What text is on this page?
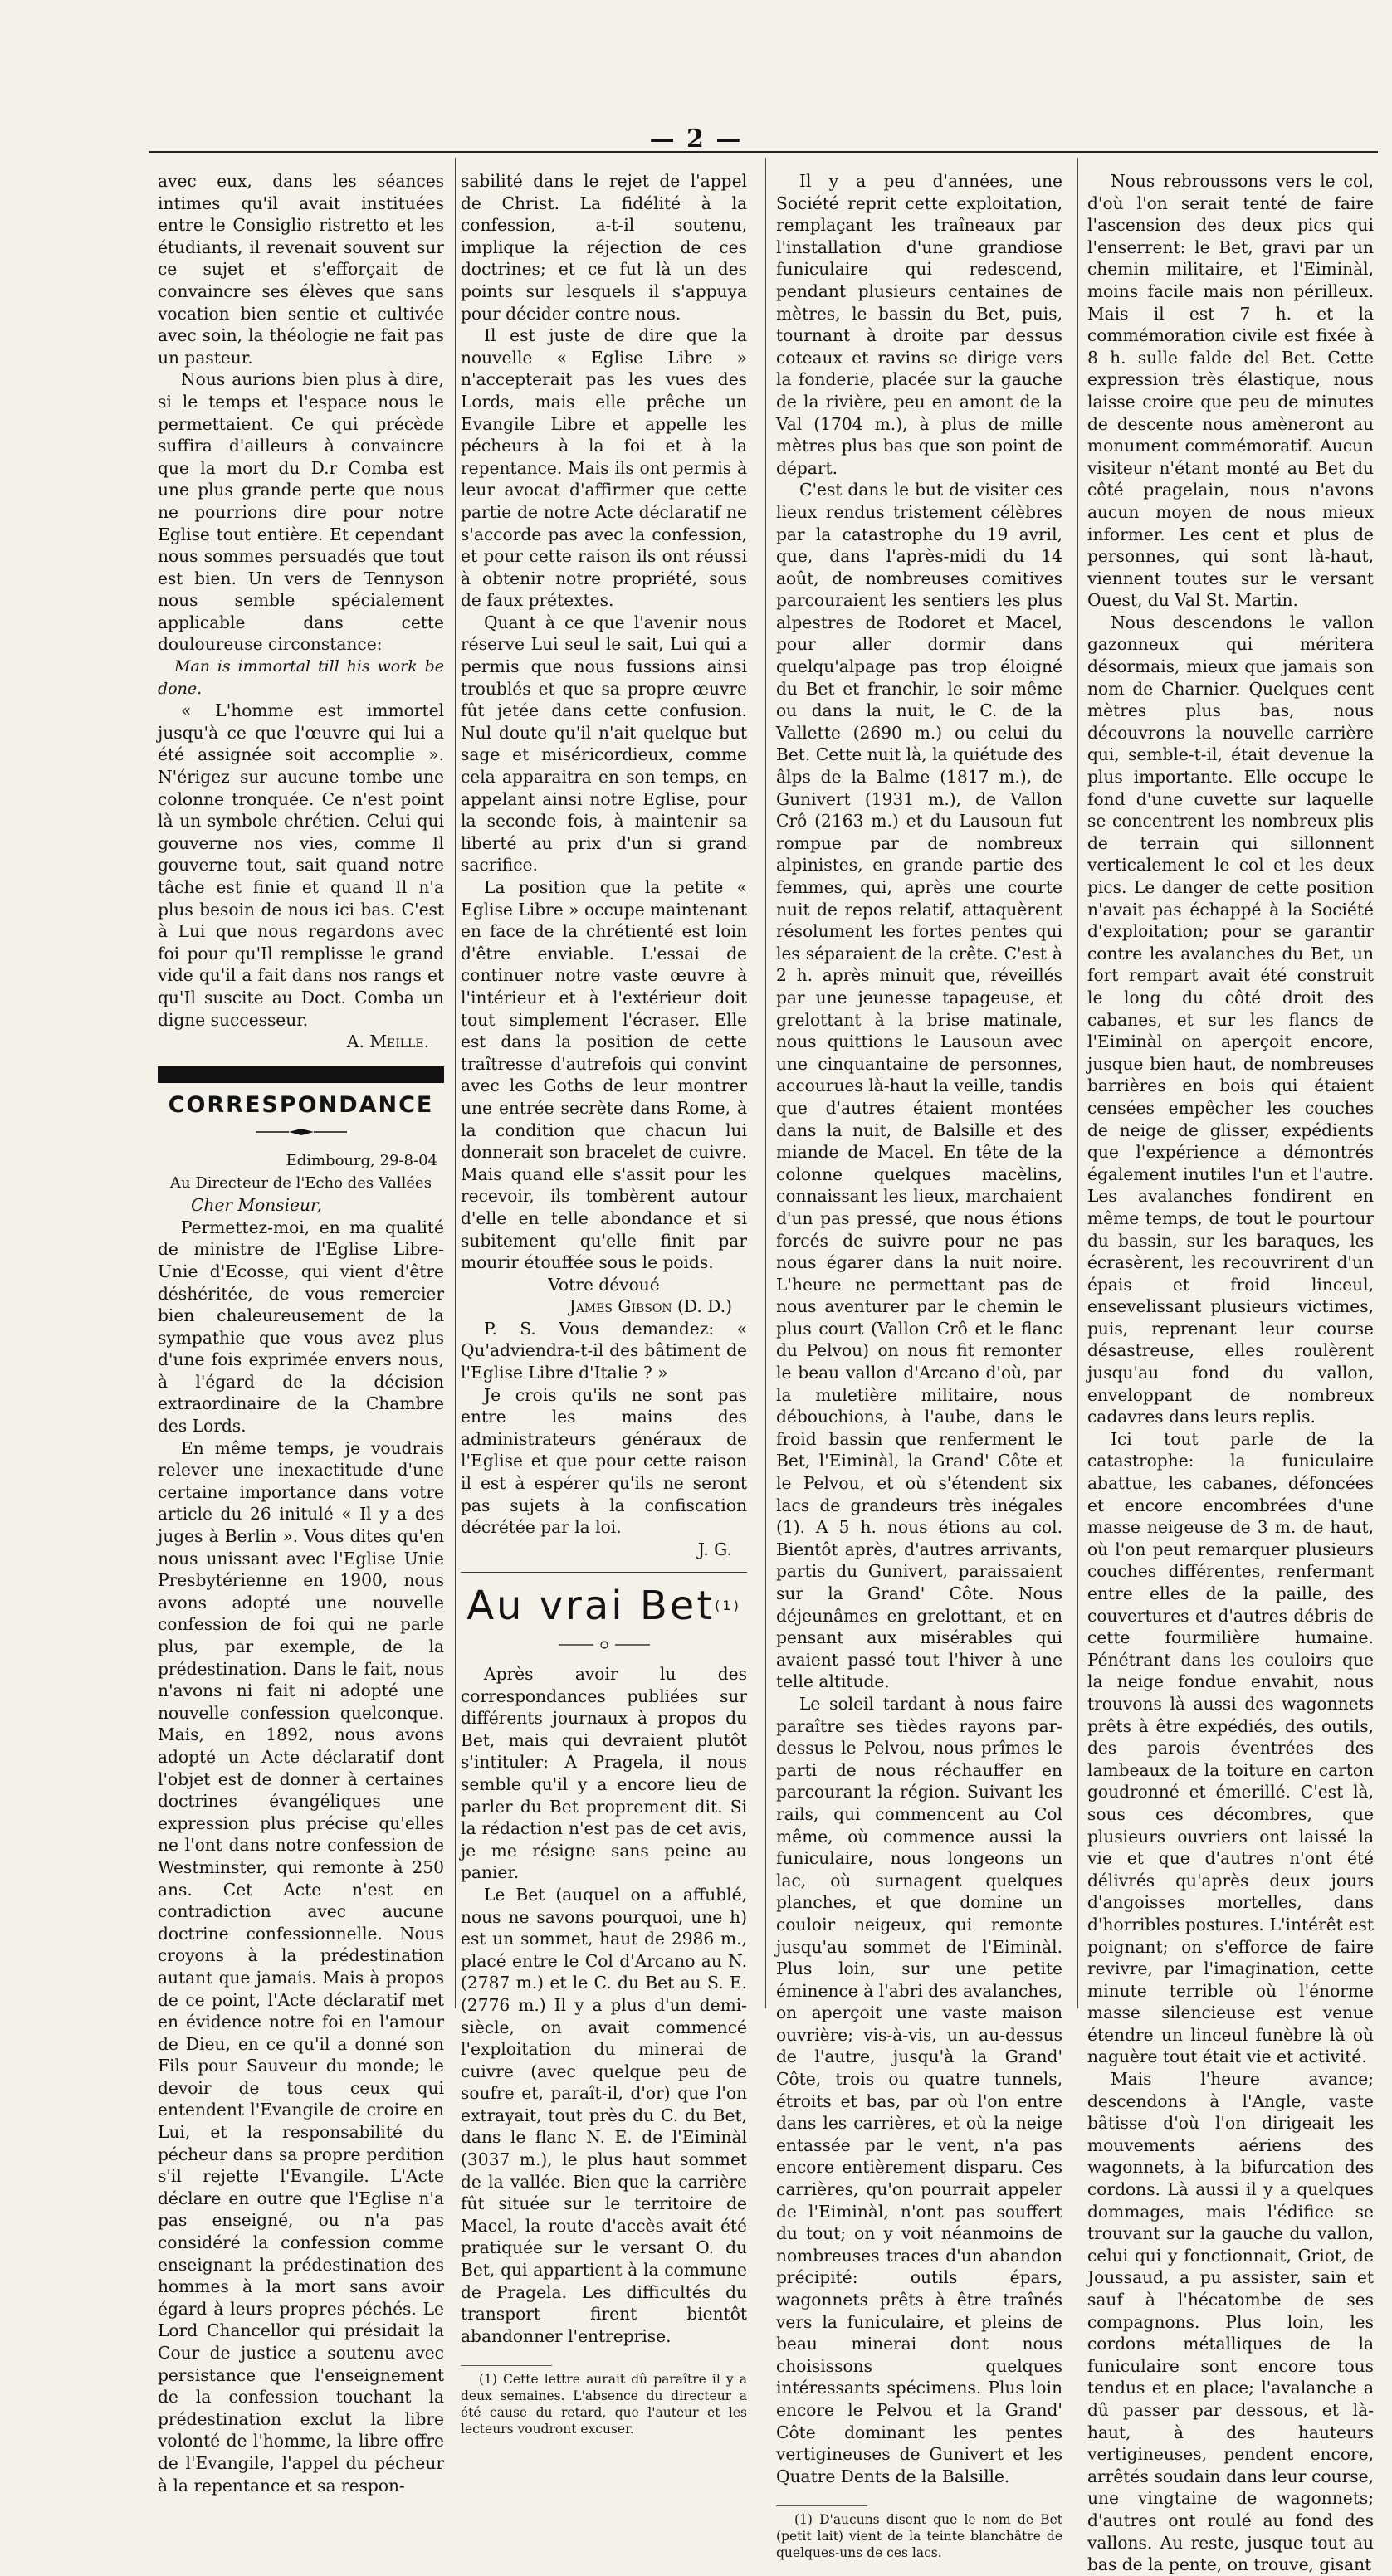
— 2 —

avec eux, dans les séances intimes qu'il avait instituées entre le Consiglio ristretto et les étudiants, il revenait souvent sur ce sujet et s'efforçait de convaincre ses élèves que sans vocation bien sentie et cultivée avec soin, la théologie ne fait pas un pasteur.

Nous aurions bien plus à dire, si le temps et l'espace nous le permettaient. Ce qui précède suffira d'ailleurs à convaincre que la mort du D.r Comba est une plus grande perte que nous ne pourrions dire pour notre Eglise tout entière. Et cependant nous sommes persuadés que tout est bien. Un vers de Tennyson nous semble spécialement applicable dans cette douloureuse circonstance:

Man is immortal till his work be done.

« L'homme est immortel jusqu'à ce que l'œuvre qui lui a été assignée soit accomplie ». N'érigez sur aucune tombe une colonne tronquée. Ce n'est point là un symbole chrétien. Celui qui gouverne nos vies, comme Il gouverne tout, sait quand notre tâche est finie et quand Il n'a plus besoin de nous ici bas. C'est à Lui que nous regardons avec foi pour qu'Il remplisse le grand vide qu'il a fait dans nos rangs et qu'Il suscite au Doct. Comba un digne successeur.

A. Meille.

CORRESPONDANCE
Edimbourg, 29-8-04
Au Directeur de l'Echo des Vallées

Cher Monsieur,

Permettez-moi, en ma qualité de ministre de l'Eglise Libre-Unie d'Ecosse, qui vient d'être déshéritée, de vous remercier bien chaleureusement de la sympathie que vous avez plus d'une fois exprimée envers nous, à l'égard de la décision extraordinaire de la Chambre des Lords.

En même temps, je voudrais relever une inexactitude d'une certaine importance dans votre article du 26 initulé « Il y a des juges à Berlin ». Vous dites qu'en nous unissant avec l'Eglise Unie Presbytérienne en 1900, nous avons adopté une nouvelle confession de foi qui ne parle plus, par exemple, de la prédestination. Dans le fait, nous n'avons ni fait ni adopté une nouvelle confession quelconque. Mais, en 1892, nous avons adopté un Acte déclaratif dont l'objet est de donner à certaines doctrines évangéliques une expression plus précise qu'elles ne l'ont dans notre confession de Westminster, qui remonte à 250 ans. Cet Acte n'est en contradiction avec aucune doctrine confessionnelle. Nous croyons à la prédestination autant que jamais. Mais à propos de ce point, l'Acte déclaratif met en évidence notre foi en l'amour de Dieu, en ce qu'il a donné son Fils pour Sauveur du monde; le devoir de tous ceux qui entendent l'Evangile de croire en Lui, et la responsabilité du pécheur dans sa propre perdition s'il rejette l'Evangile. L'Acte déclare en outre que l'Eglise n'a pas enseigné, ou n'a pas considéré la confession comme enseignant la prédestination des hommes à la mort sans avoir égard à leurs propres péchés. Le Lord Chancellor qui présidait la Cour de justice a soutenu avec persistance que l'enseignement de la confession touchant la prédestination exclut la libre volonté de l'homme, la libre offre de l'Evangile, l'appel du pécheur à la repentance et sa respon-

sabilité dans le rejet de l'appel de Christ. La fidélité à la confession, a-t-il soutenu, implique la réjection de ces doctrines; et ce fut là un des points sur lesquels il s'appuya pour décider contre nous.

Il est juste de dire que la nouvelle « Eglise Libre » n'accepterait pas les vues des Lords, mais elle prêche un Evangile Libre et appelle les pécheurs à la foi et à la repentance. Mais ils ont permis à leur avocat d'affirmer que cette partie de notre Acte déclaratif ne s'accorde pas avec la confession, et pour cette raison ils ont réussi à obtenir notre propriété, sous de faux prétextes.

Quant à ce que l'avenir nous réserve Lui seul le sait, Lui qui a permis que nous fussions ainsi troublés et que sa propre œuvre fût jetée dans cette confusion. Nul doute qu'il n'ait quelque but sage et miséricordieux, comme cela apparaitra en son temps, en appelant ainsi notre Eglise, pour la seconde fois, à maintenir sa liberté au prix d'un si grand sacrifice.

La position que la petite « Eglise Libre » occupe maintenant en face de la chrétienté est loin d'être enviable. L'essai de continuer notre vaste œuvre à l'intérieur et à l'extérieur doit tout simplement l'écraser. Elle est dans la position de cette traîtresse d'autrefois qui convint avec les Goths de leur montrer une entrée secrète dans Rome, à la condition que chacun lui donnerait son bracelet de cuivre. Mais quand elle s'assit pour les recevoir, ils tombèrent autour d'elle en telle abondance et si subitement qu'elle finit par mourir étouffée sous le poids.

Votre dévoué

James Gibson (D. D.)

P. S. Vous demandez: « Qu'adviendra-t-il des bâtiment de l'Eglise Libre d'Italie ? »

Je crois qu'ils ne sont pas entre les mains des administrateurs généraux de l'Eglise et que pour cette raison il est à espérer qu'ils ne seront pas sujets à la confiscation décrétée par la loi.

J. G.

Au vrai Bet$^{(1)}$

Après avoir lu des correspondances publiées sur différents journaux à propos du Bet, mais qui devraient plutôt s'intituler: A Pragela, il nous semble qu'il y a encore lieu de parler du Bet proprement dit. Si la rédaction n'est pas de cet avis, je me résigne sans peine au panier.

Le Bet (auquel on a affublé, nous ne savons pourquoi, une h) est un sommet, haut de 2986 m., placé entre le Col d'Arcano au N. (2787 m.) et le C. du Bet au S. E. (2776 m.) Il y a plus d'un demi-siècle, on avait commencé l'exploitation du minerai de cuivre (avec quelque peu de soufre et, paraît-il, d'or) que l'on extrayait, tout près du C. du Bet, dans le flanc N. E. de l'Eiminàl (3037 m.), le plus haut sommet de la vallée. Bien que la carrière fût située sur le territoire de Macel, la route d'accès avait été pratiquée sur le versant O. du Bet, qui appartient à la commune de Pragela. Les difficultés du transport firent bientôt abandonner l'entreprise.

(1) Cette lettre aurait dû paraître il y a deux semaines. L'absence du directeur a été cause du retard, que l'auteur et les lecteurs voudront excuser.

Il y a peu d'années, une Société reprit cette exploitation, remplaçant les traîneaux par l'installation d'une grandiose funiculaire qui redescend, pendant plusieurs centaines de mètres, le bassin du Bet, puis, tournant à droite par dessus coteaux et ravins se dirige vers la fonderie, placée sur la gauche de la rivière, peu en amont de la Val (1704 m.), à plus de mille mètres plus bas que son point de départ.

C'est dans le but de visiter ces lieux rendus tristement célèbres par la catastrophe du 19 avril, que, dans l'après-midi du 14 août, de nombreuses comitives parcouraient les sentiers les plus alpestres de Rodoret et Macel, pour aller dormir dans quelqu'alpage pas trop éloigné du Bet et franchir, le soir même ou dans la nuit, le C. de la Vallette (2690 m.) ou celui du Bet. Cette nuit là, la quiétude des âlps de la Balme (1817 m.), de Gunivert (1931 m.), de Vallon Crô (2163 m.) et du Lausoun fut rompue par de nombreux alpinistes, en grande partie des femmes, qui, après une courte nuit de repos relatif, attaquèrent résolument les fortes pentes qui les séparaient de la crête. C'est à 2 h. après minuit que, réveillés par une jeunesse tapageuse, et grelottant à la brise matinale, nous quittions le Lausoun avec une cinquantaine de personnes, accourues là-haut la veille, tandis que d'autres étaient montées dans la nuit, de Balsille et des miande de Macel. En tête de la colonne quelques macèlins, connaissant les lieux, marchaient d'un pas pressé, que nous étions forcés de suivre pour ne pas nous égarer dans la nuit noire. L'heure ne permettant pas de nous aventurer par le chemin le plus court (Vallon Crô et le flanc du Pelvou) on nous fit remonter le beau vallon d'Arcano d'où, par la muletière militaire, nous débouchions, à l'aube, dans le froid bassin que renferment le Bet, l'Eiminàl, la Grand' Côte et le Pelvou, et où s'étendent six lacs de grandeurs très inégales (1). A 5 h. nous étions au col. Bientôt après, d'autres arrivants, partis du Gunivert, paraissaient sur la Grand' Côte. Nous déjeunâmes en grelottant, et en pensant aux misérables qui avaient passé tout l'hiver à une telle altitude.

Le soleil tardant à nous faire paraître ses tièdes rayons par-dessus le Pelvou, nous prîmes le parti de nous réchauffer en parcourant la région. Suivant les rails, qui commencent au Col même, où commence aussi la funiculaire, nous longeons un lac, où surnagent quelques planches, et que domine un couloir neigeux, qui remonte jusqu'au sommet de l'Eiminàl. Plus loin, sur une petite éminence à l'abri des avalanches, on aperçoit une vaste maison ouvrière; vis-à-vis, un au-dessus de l'autre, jusqu'à la Grand' Côte, trois ou quatre tunnels, étroits et bas, par où l'on entre dans les carrières, et où la neige entassée par le vent, n'a pas encore entièrement disparu. Ces carrières, qu'on pourrait appeler de l'Eiminàl, n'ont pas souffert du tout; on y voit néanmoins de nombreuses traces d'un abandon précipité: outils épars, wagonnets prêts à être traînés vers la funiculaire, et pleins de beau minerai dont nous choisissons quelques intéressants spécimens. Plus loin encore le Pelvou et la Grand' Côte dominant les pentes vertigineuses de Gunivert et les Quatre Dents de la Balsille.

(1) D'aucuns disent que le nom de Bet (petit lait) vient de la teinte blanchâtre de quelques-uns de ces lacs.

Nous rebroussons vers le col, d'où l'on serait tenté de faire l'ascension des deux pics qui l'enserrent: le Bet, gravi par un chemin militaire, et l'Eiminàl, moins facile mais non périlleux. Mais il est 7 h. et la commémoration civile est fixée à 8 h. sulle falde del Bet. Cette expression très élastique, nous laisse croire que peu de minutes de descente nous amèneront au monument commémoratif. Aucun visiteur n'étant monté au Bet du côté pragelain, nous n'avons aucun moyen de nous mieux informer. Les cent et plus de personnes, qui sont là-haut, viennent toutes sur le versant Ouest, du Val St. Martin.

Nous descendons le vallon gazonneux qui méritera désormais, mieux que jamais son nom de Charnier. Quelques cent mètres plus bas, nous découvrons la nouvelle carrière qui, semble-t-il, était devenue la plus importante. Elle occupe le fond d'une cuvette sur laquelle se concentrent les nombreux plis de terrain qui sillonnent verticalement le col et les deux pics. Le danger de cette position n'avait pas échappé à la Société d'exploitation; pour se garantir contre les avalanches du Bet, un fort rempart avait été construit le long du côté droit des cabanes, et sur les flancs de l'Eiminàl on aperçoit encore, jusque bien haut, de nombreuses barrières en bois qui étaient censées empêcher les couches de neige de glisser, expédients que l'expérience a démontrés également inutiles l'un et l'autre. Les avalanches fondirent en même temps, de tout le pourtour du bassin, sur les baraques, les écrasèrent, les recouvrirent d'un épais et froid linceul, ensevelissant plusieurs victimes, puis, reprenant leur course désastreuse, elles roulèrent jusqu'au fond du vallon, enveloppant de nombreux cadavres dans leurs replis.

Ici tout parle de la catastrophe: la funiculaire abattue, les cabanes, défoncées et encore encombrées d'une masse neigeuse de 3 m. de haut, où l'on peut remarquer plusieurs couches différentes, renfermant entre elles de la paille, des couvertures et d'autres débris de cette fourmilière humaine. Pénétrant dans les couloirs que la neige fondue envahit, nous trouvons là aussi des wagonnets prêts à être expédiés, des outils, des parois éventrées des lambeaux de la toiture en carton goudronné et émerillé. C'est là, sous ces décombres, que plusieurs ouvriers ont laissé la vie et que d'autres n'ont été délivrés qu'après deux jours d'angoisses mortelles, dans d'horribles postures. L'intérêt est poignant; on s'efforce de faire revivre, par l'imagination, cette minute terrible où l'énorme masse silencieuse est venue étendre un linceul funèbre là où naguère tout était vie et activité.

Mais l'heure avance; descendons à l'Angle, vaste bâtisse d'où l'on dirigeait les mouvements aériens des wagonnets, à la bifurcation des cordons. Là aussi il y a quelques dommages, mais l'édifice se trouvant sur la gauche du vallon, celui qui y fonctionnait, Griot, de Joussaud, a pu assister, sain et sauf à l'hécatombe de ses compagnons. Plus loin, les cordons métalliques de la funiculaire sont encore tous tendus et en place; l'avalanche a dû passer par dessous, et là-haut, à des hauteurs vertigineuses, pendent encore, arrêtés soudain dans leur course, une vingtaine de wagonnets; d'autres ont roulé au fond des vallons. Au reste, jusque tout au bas de la pente, on trouve, gisant
